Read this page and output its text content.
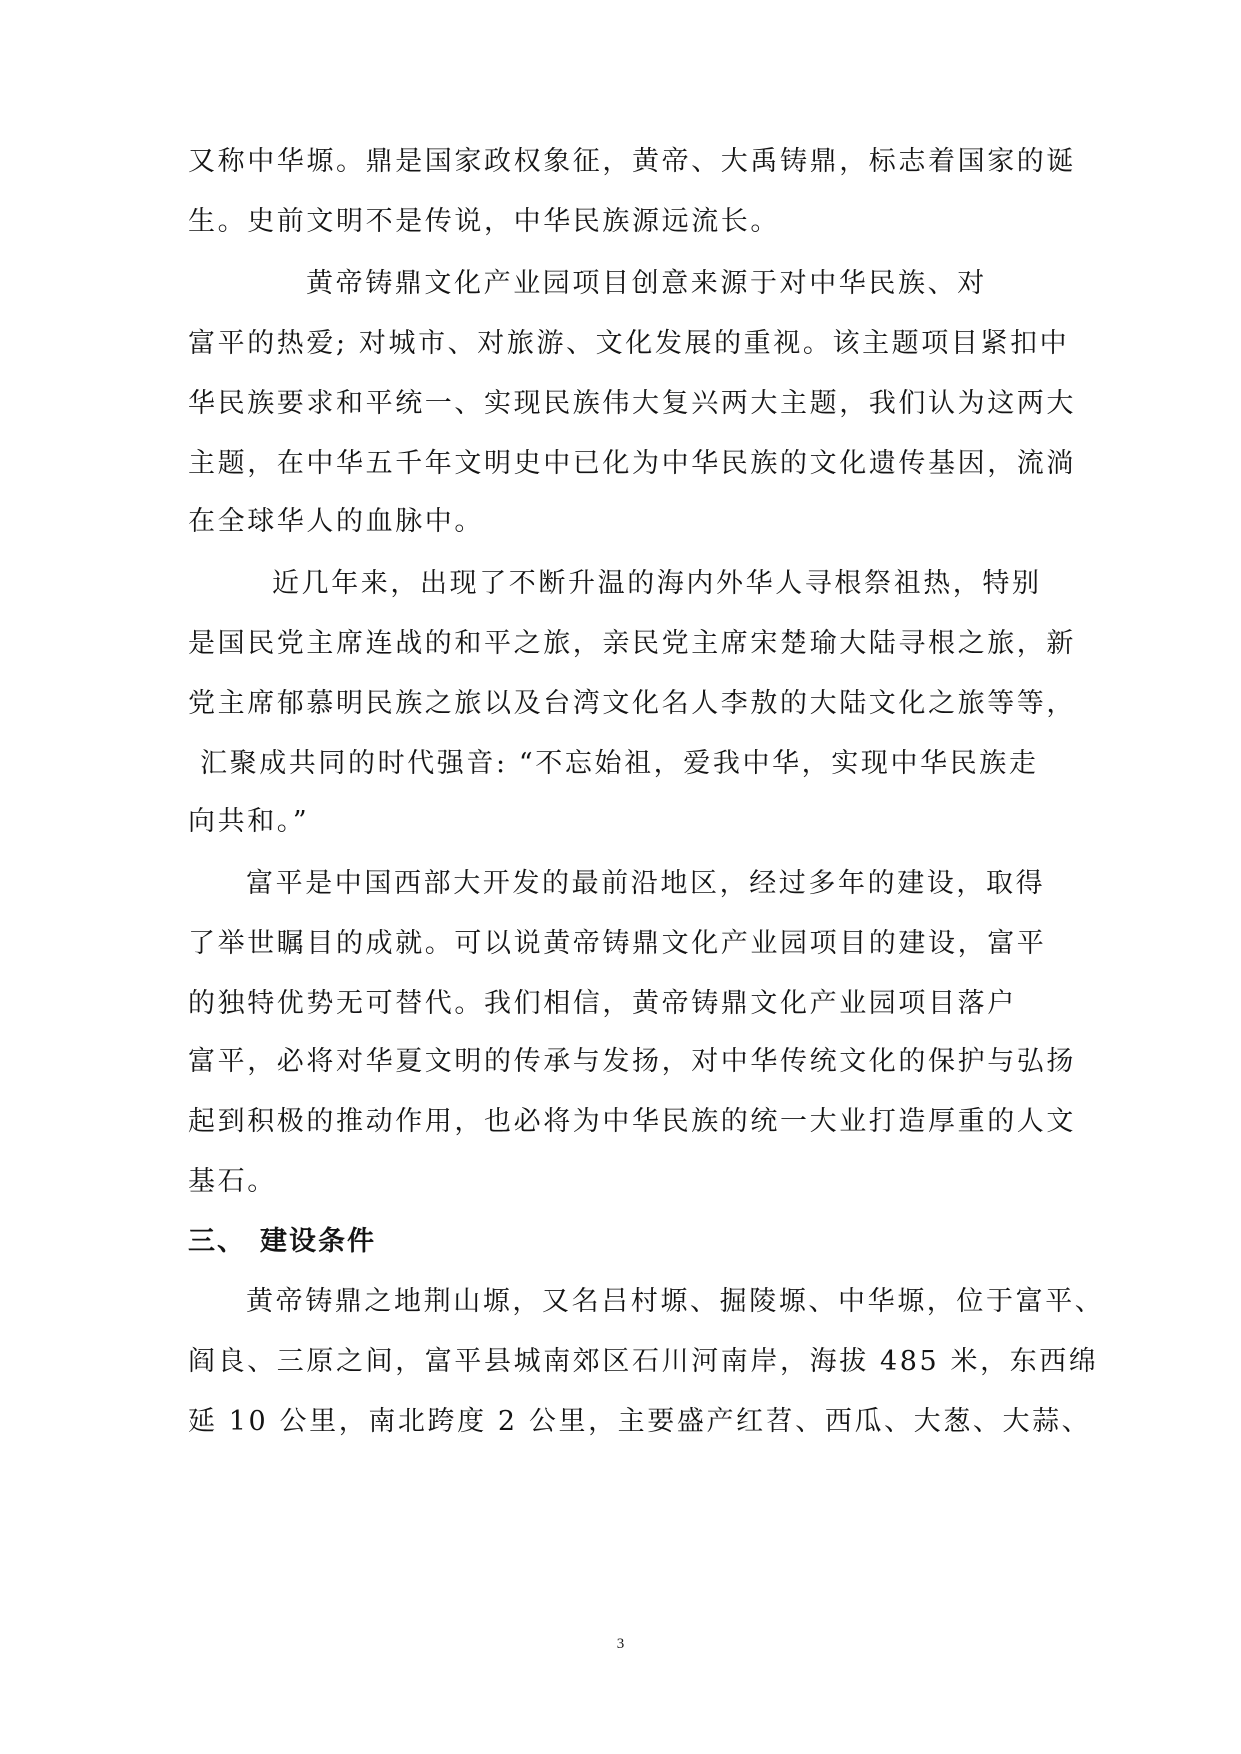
又称中华塬。鼎是国家政权象征，黄帝、大禹铸鼎，标志着国家的诞
生。史前文明不是传说，中华民族源远流长。
黄帝铸鼎文化产业园项目创意来源于对中华民族、对
富平的热爱; 对城市、对旅游、文化发展的重视。该主题项目紧扣中
华民族要求和平统一、实现民族伟大复兴两大主题，我们认为这两大
主题，在中华五千年文明史中已化为中华民族的文化遗传基因，流淌
在全球华人的血脉中。
近几年来，出现了不断升温的海内外华人寻根祭祖热，特别
是国民党主席连战的和平之旅，亲民党主席宋楚瑜大陆寻根之旅，新
党主席郁慕明民族之旅以及台湾文化名人李敖的大陆文化之旅等等，
汇聚成共同的时代强音: “不忘始祖，爱我中华，实现中华民族走
向共和。”
富平是中国西部大开发的最前沿地区，经过多年的建设，取得
了举世瞩目的成就。可以说黄帝铸鼎文化产业园项目的建设，富平
的独特优势无可替代。我们相信，黄帝铸鼎文化产业园项目落户
富平，必将对华夏文明的传承与发扬，对中华传统文化的保护与弘扬
起到积极的推动作用，也必将为中华民族的统一大业打造厚重的人文
基石。
三、 建设条件
黄帝铸鼎之地荆山塬，又名吕村塬、掘陵塬、中华塬，位于富平、
阎良、三原之间，富平县城南郊区石川河南岸，海拔 485 米，东西绵
延 10 公里，南北跨度 2 公里，主要盛产红苕、西瓜、大葱、大蒜、
3
